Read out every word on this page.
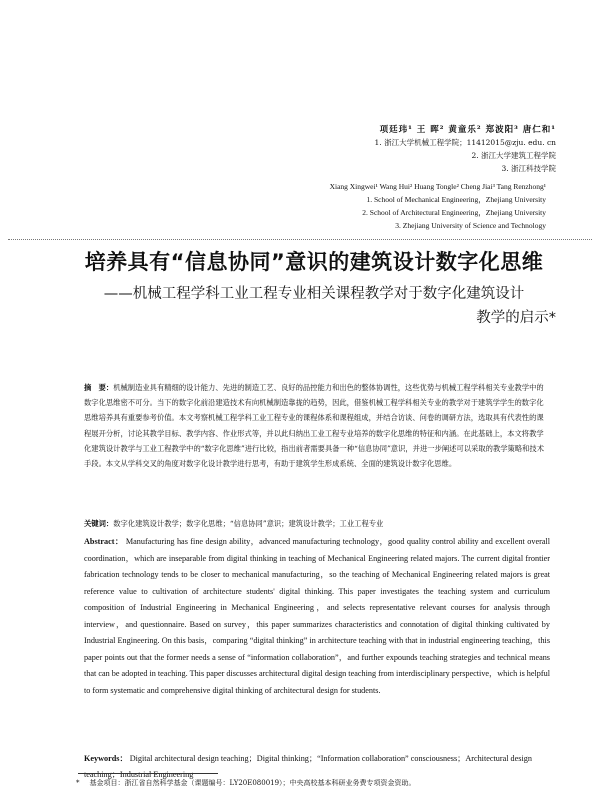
项廷玮¹ 王 晖² 黄童乐² 郑波阳³ 唐仁和¹
1. 浙江大学机械工程学院；11412015@zju. edu. cn
2. 浙江大学建筑工程学院
3. 浙江科技学院
Xiang Xingwei¹ Wang Hui² Huang Tongle² Cheng Jiai³ Tang Renzhong¹
1. School of Mechanical Engineering，Zhejiang University
2. School of Architectural Engineering，Zhejiang University
3. Zhejiang University of Science and Technology
培养具有“信息协同”意识的建筑设计数字化思维
——机械工程学科工业工程专业相关课程教学对于数字化建筑设计
教学的启示*
摘　要：机械制造业具有精细的设计能力、先进的制造工艺、良好的品控能力和出色的整体协调性，这些优势与机械工程学科相关专业教学中的数字化思维密不可分。当下的数字化前沿建造技术有向机械制造靠拢的趋势，因此，借鉴机械工程学科相关专业的教学对于建筑学学生的数字化思维培养具有重要参考价值。本文考察机械工程学科工业工程专业的课程体系和课程组成，并结合访谈、问卷的调研方法，选取具有代表性的课程展开分析，讨论其教学目标、教学内容、作业形式等，并以此归纳出工业工程专业培养的数字化思维的特征和内涵。在此基础上，本文将教学化建筑设计教学与工业工程教学中的“数字化思维”进行比较，指出前者需要具备一种“信息协同”意识，并进一步阐述可以采取的教学策略和技术手段。本文从学科交叉的角度对数字化设计教学进行思考，有助于建筑学生形成系统、全面的建筑设计数字化思维。
关键词：数字化建筑设计教学；数字化思维；“信息协同”意识；建筑设计教学；工业工程专业
Abstract： Manufacturing has fine design ability，advanced manufacturing technology，good quality control ability and excellent overall coordination，which are inseparable from digital thinking in teaching of Mechanical Engineering related majors. The current digital frontier fabrication technology tends to be closer to mechanical manufacturing，so the teaching of Mechanical Engineering related majors is great reference value to cultivation of architecture students' digital thinking. This paper investigates the teaching system and curriculum composition of Industrial Engineering in Mechanical Engineering，and selects representative relevant courses for analysis through interview，and questionnaire. Based on survey，this paper summarizes characteristics and connotation of digital thinking cultivated by Industrial Engineering. On this basis，comparing “digital thinking” in architecture teaching with that in industrial engineering teaching，this paper points out that the former needs a sense of “information collaboration”，and further expounds teaching strategies and technical means that can be adopted in teaching. This paper discusses architectural digital design teaching from interdisciplinary perspective，which is helpful to form systematic and comprehensive digital thinking of architectural design for students.
Keywords： Digital architectural design teaching；Digital thinking；“Information collaboration” consciousness；Architectural design teaching；Industrial Engineering
* 基金项目：浙江省自然科学基金（课题编号：LY20E080019）；中央高校基本科研业务费专项资金资助。
